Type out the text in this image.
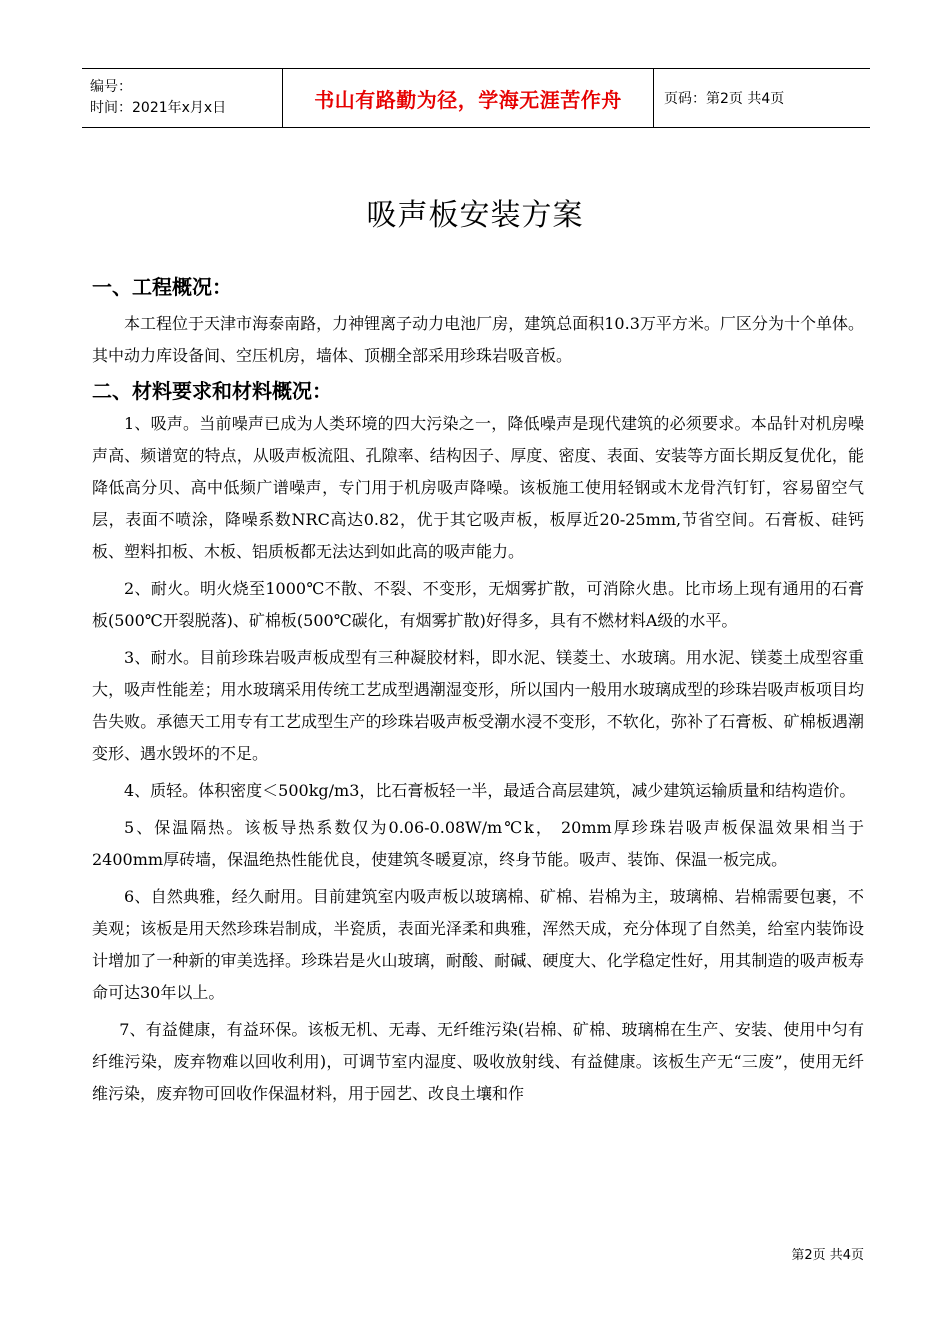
编号：
时间：2021年x月x日	书山有路勤为径，学海无涯苦作舟	页码：第2页 共4页
吸声板安装方案
一、工程概况：

本工程位于天津市海泰南路，力神锂离子动力电池厂房，建筑总面积10.3万平方米。厂区分为十个单体。其中动力库设备间、空压机房，墙体、顶棚全部采用珍珠岩吸音板。

二、材料要求和材料概况：

1、吸声。当前噪声已成为人类环境的四大污染之一，降低噪声是现代建筑的必须要求。本品针对机房噪声高、频谱宽的特点，从吸声板流阻、孔隙率、结构因子、厚度、密度、表面、安装等方面长期反复优化，能降低高分贝、高中低频广谱噪声，专门用于机房吸声降噪。该板施工使用轻钢或木龙骨汽钉钉，容易留空气层，表面不喷涂，降噪系数NRC高达0.82，优于其它吸声板，板厚近20-25mm,节省空间。石膏板、硅钙板、塑料扣板、木板、铝质板都无法达到如此高的吸声能力。

2、耐火。明火烧至1000℃不散、不裂、不变形，无烟雾扩散，可消除火患。比市场上现有通用的石膏板(500℃开裂脱落)、矿棉板(500℃碳化，有烟雾扩散)好得多，具有不燃材料A级的水平。

3、耐水。目前珍珠岩吸声板成型有三种凝胶材料，即水泥、镁菱土、水玻璃。用水泥、镁菱土成型容重大，吸声性能差；用水玻璃采用传统工艺成型遇潮湿变形，所以国内一般用水玻璃成型的珍珠岩吸声板项目均告失败。承德天工用专有工艺成型生产的珍珠岩吸声板受潮水浸不变形，不软化，弥补了石膏板、矿棉板遇潮变形、遇水毁坏的不足。

4、质轻。体积密度＜500kg/m3，比石膏板轻一半，最适合高层建筑，减少建筑运输质量和结构造价。

5、保温隔热。该板导热系数仅为0.06-0.08W/m℃k， 20mm厚珍珠岩吸声板保温效果相当于2400mm厚砖墙，保温绝热性能优良，使建筑冬暖夏凉，终身节能。吸声、装饰、保温一板完成。

6、自然典雅，经久耐用。目前建筑室内吸声板以玻璃棉、矿棉、岩棉为主，玻璃棉、岩棉需要包裹，不美观；该板是用天然珍珠岩制成，半瓷质，表面光泽柔和典雅，浑然天成，充分体现了自然美，给室内装饰设计增加了一种新的审美选择。珍珠岩是火山玻璃，耐酸、耐碱、硬度大、化学稳定性好，用其制造的吸声板寿命可达30年以上。

7、有益健康，有益环保。该板无机、无毒、无纤维污染(岩棉、矿棉、玻璃棉在生产、安装、使用中匀有纤维污染，废弃物难以回收利用)，可调节室内湿度、吸收放射线、有益健康。该板生产无“三废”，使用无纤维污染，废弃物可回收作保温材料，用于园艺、改良土壤和作

第2页 共4页
